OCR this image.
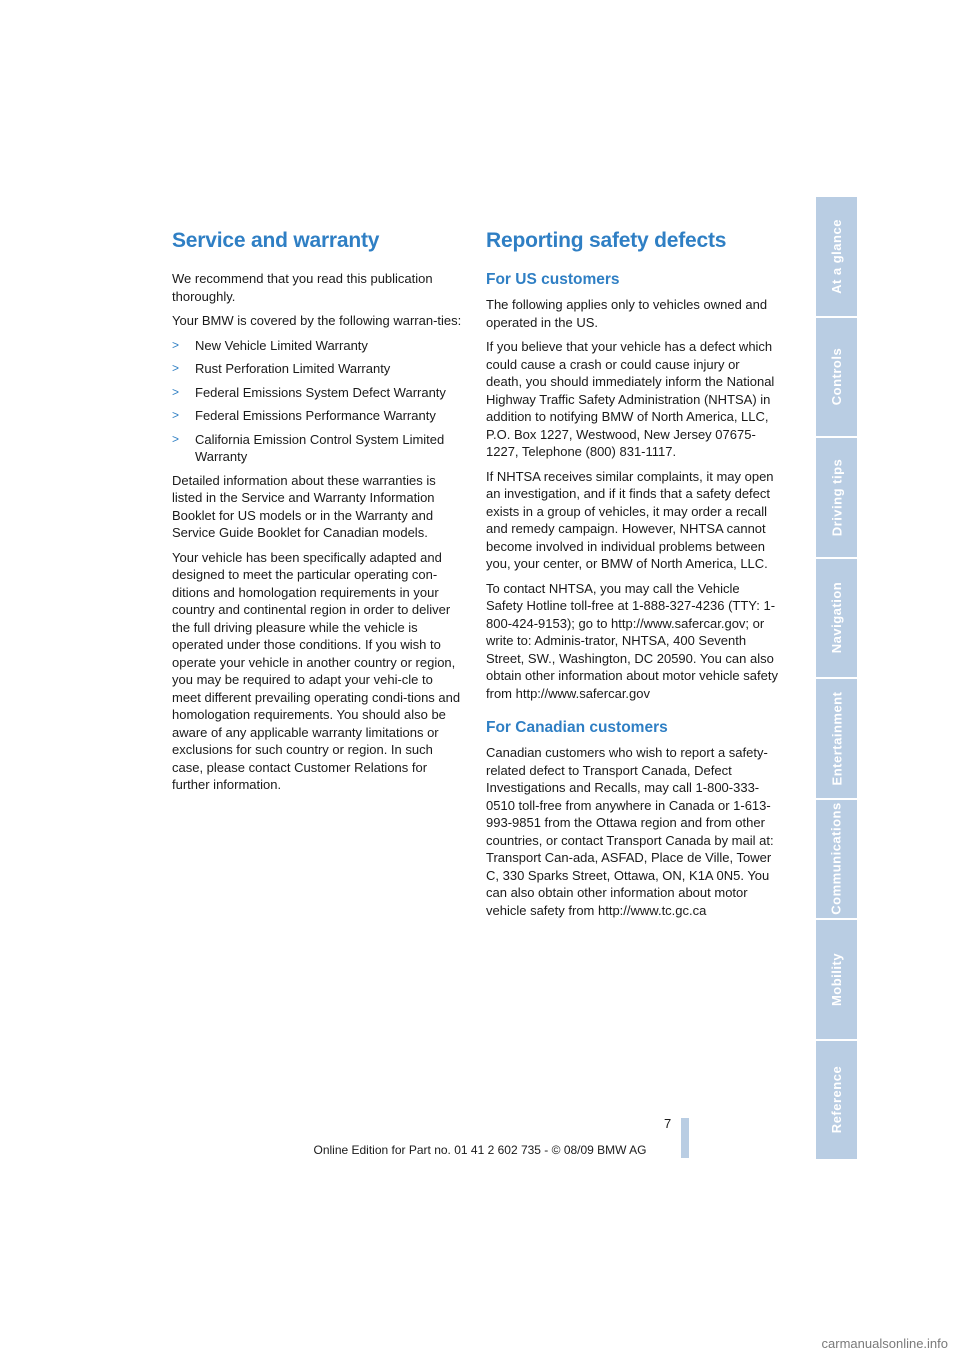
Service and warranty

We recommend that you read this publication thoroughly.

Your BMW is covered by the following warran-ties:

> New Vehicle Limited Warranty
> Rust Perforation Limited Warranty
> Federal Emissions System Defect Warranty
> Federal Emissions Performance Warranty
> California Emission Control System Limited Warranty

Detailed information about these warranties is listed in the Service and Warranty Information Booklet for US models or in the Warranty and Service Guide Booklet for Canadian models.

Your vehicle has been specifically adapted and designed to meet the particular operating con-ditions and homologation requirements in your country and continental region in order to deliver the full driving pleasure while the vehicle is operated under those conditions. If you wish to operate your vehicle in another country or region, you may be required to adapt your vehi-cle to meet different prevailing operating condi-tions and homologation requirements. You should also be aware of any applicable warranty limitations or exclusions for such country or region. In such case, please contact Customer Relations for further information.

Reporting safety defects
For US customers

The following applies only to vehicles owned and operated in the US.

If you believe that your vehicle has a defect which could cause a crash or could cause injury or death, you should immediately inform the National Highway Traffic Safety Administration (NHTSA) in addition to notifying BMW of North America, LLC, P.O. Box 1227, Westwood, New Jersey 07675-1227, Telephone (800) 831-1117.

If NHTSA receives similar complaints, it may open an investigation, and if it finds that a safety defect exists in a group of vehicles, it may order a recall and remedy campaign. However, NHTSA cannot become involved in individual problems between you, your center, or BMW of North America, LLC.

To contact NHTSA, you may call the Vehicle Safety Hotline toll-free at 1-888-327-4236 (TTY: 1-800-424-9153); go to http://www.safercar.gov; or write to: Adminis-trator, NHTSA, 400 Seventh Street, SW., Washington, DC 20590. You can also obtain other information about motor vehicle safety from http://www.safercar.gov

For Canadian customers

Canadian customers who wish to report a safety-related defect to Transport Canada, Defect Investigations and Recalls, may call 1-800-333-0510 toll-free from anywhere in Canada or 1-613-993-9851 from the Ottawa region and from other countries, or contact Transport Canada by mail at: Transport Can-ada, ASFAD, Place de Ville, Tower C, 330 Sparks Street, Ottawa, ON, K1A 0N5. You can also obtain other information about motor vehicle safety from http://www.tc.gc.ca

At a glance
Controls
Driving tips
Navigation
Entertainment
Communications
Mobility
Reference
7
Online Edition for Part no. 01 41 2 602 735 - © 08/09 BMW AG
carmanualsonline.info
